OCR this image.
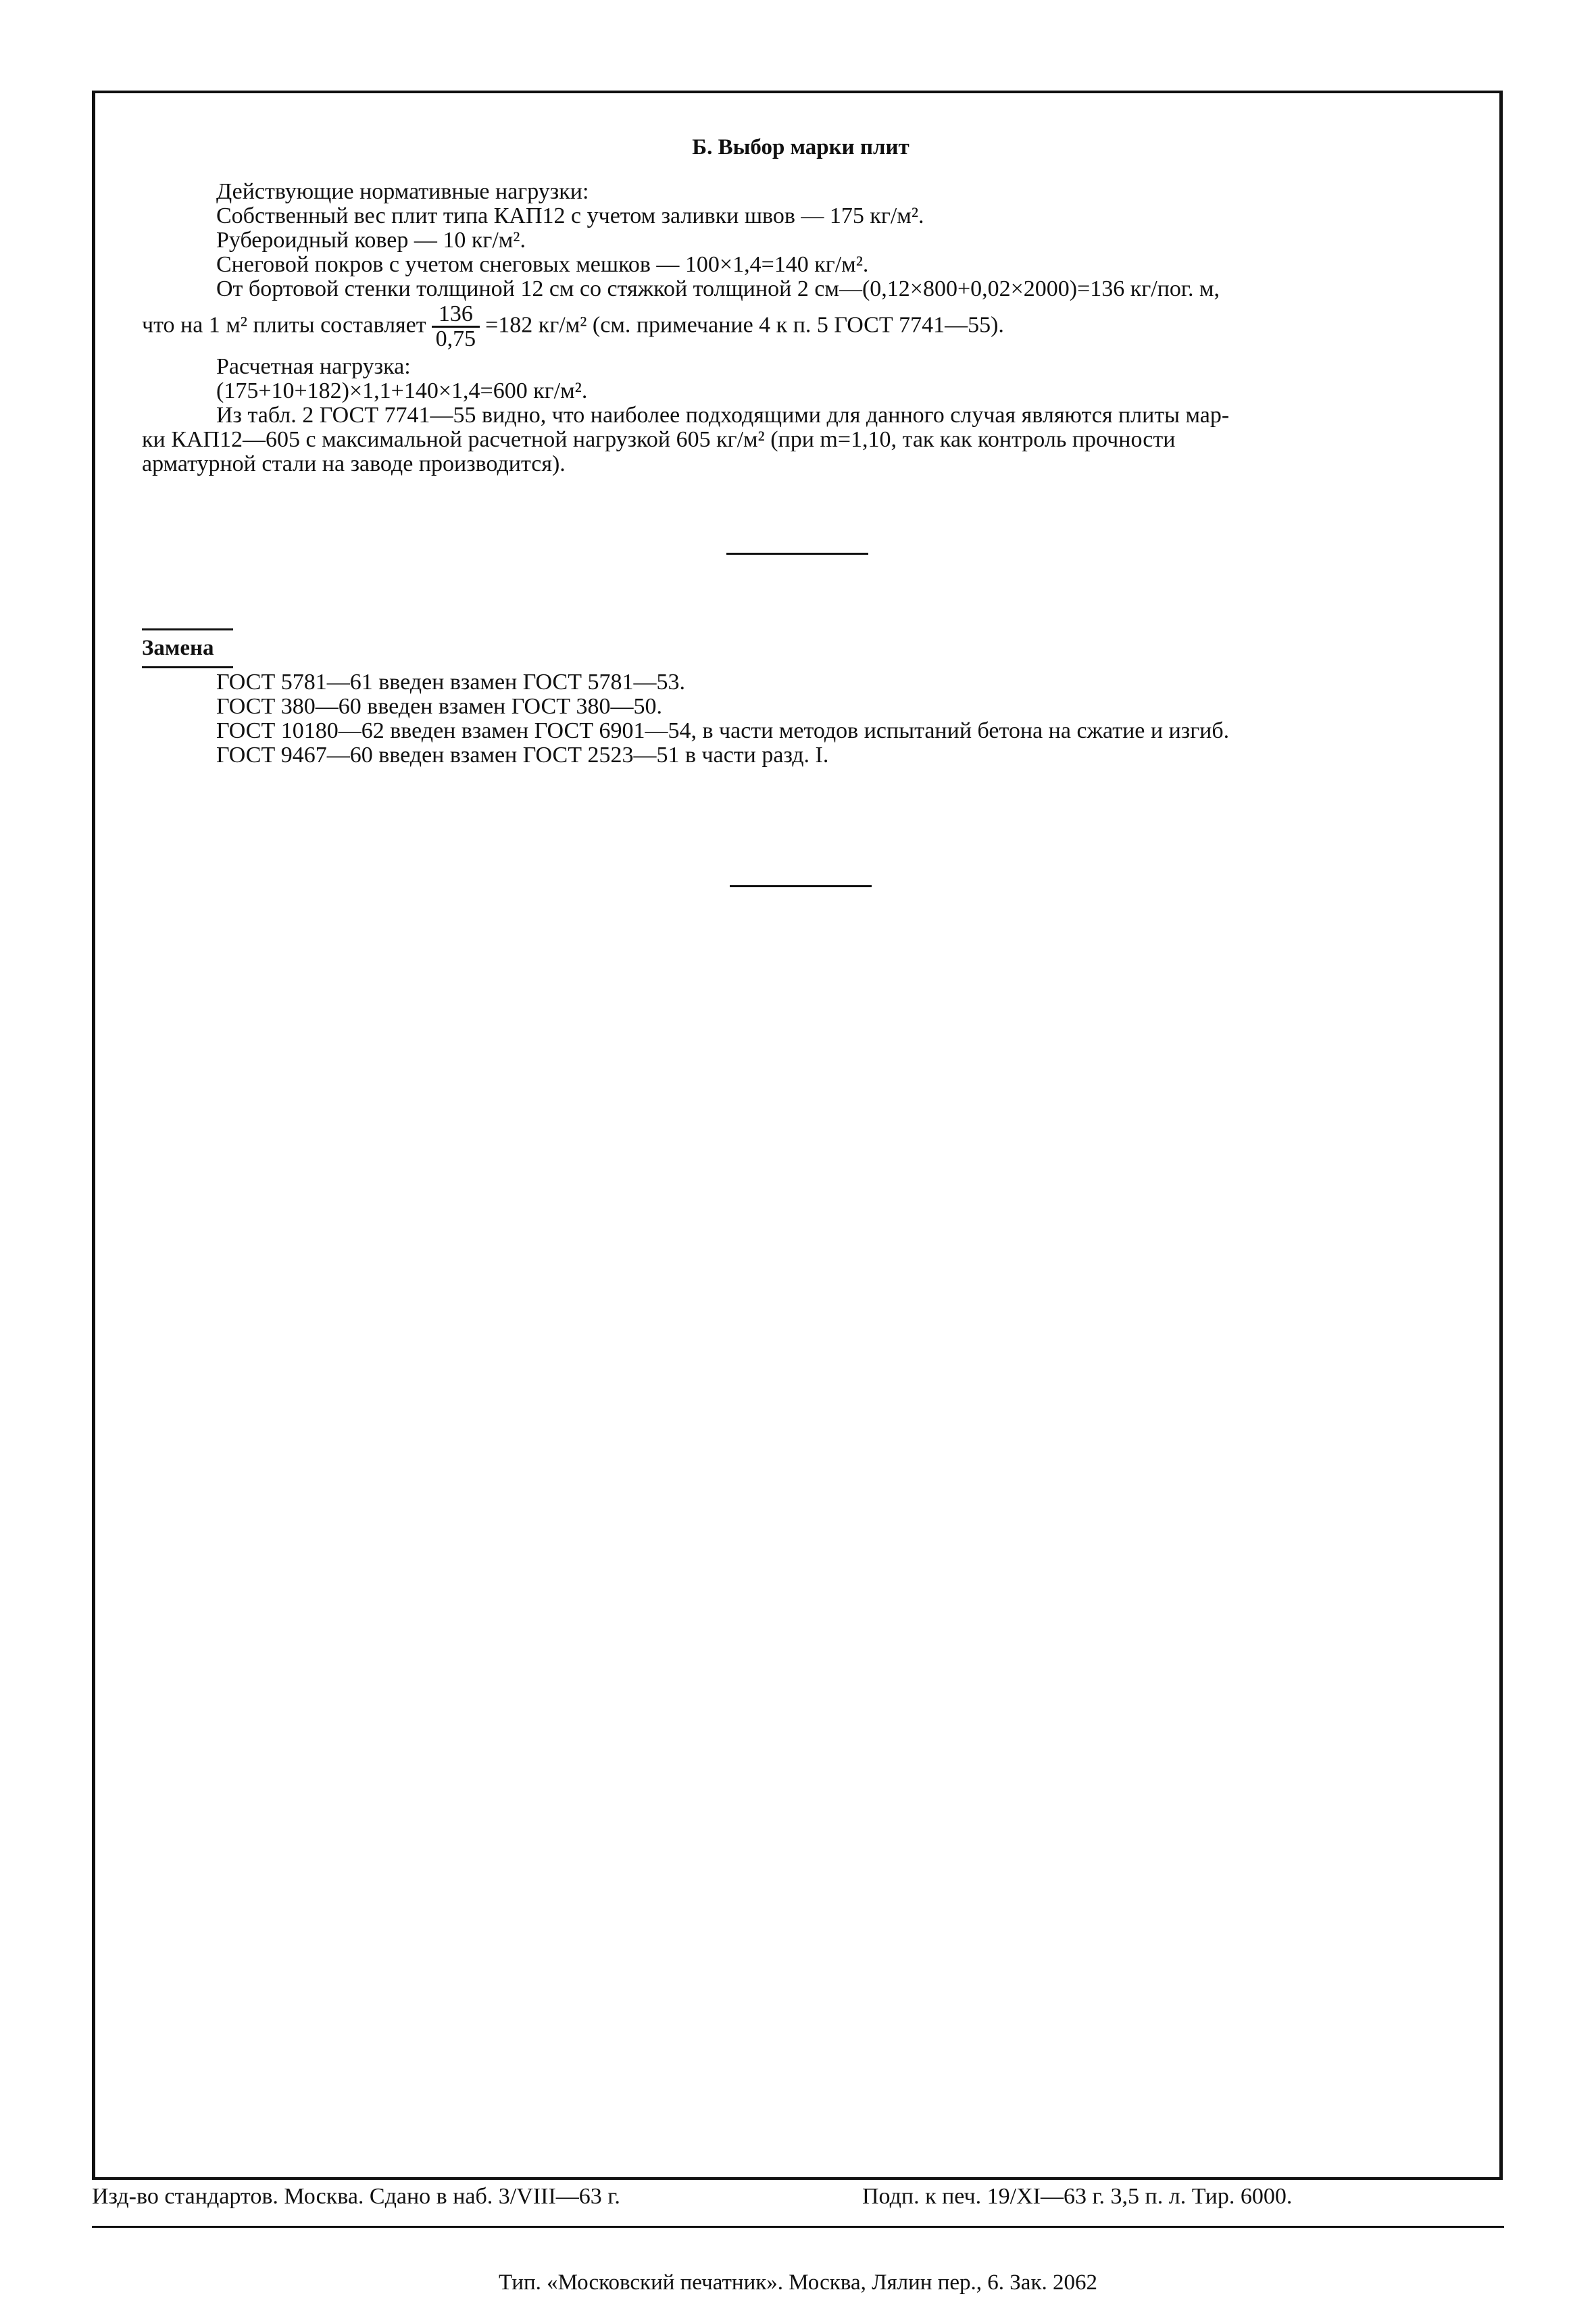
Б. Выбор марки плит
Действующие нормативные нагрузки:
Собственный вес плит типа КАП12 с учетом заливки швов — 175 кг/м².
Рубероидный ковер — 10 кг/м².
Снеговой покров с учетом снеговых мешков — 100×1,4=140 кг/м².
От бортовой стенки толщиной 12 см со стяжкой толщиной 2 см—(0,12×800+0,02×2000)=136 кг/пог. м,
что на 1 м² плиты составляет $\frac{136}{0,75} =182$ кг/м² (см. примечание 4 к п. 5 ГОСТ 7741—55).
Расчетная нагрузка:
(175+10+182)×1,1+140×1,4=600 кг/м².
Из табл. 2 ГОСТ 7741—55 видно, что наиболее подходящими для данного случая являются плиты мар-
ки КАП12—605 с максимальной расчетной нагрузкой 605 кг/м² (при m=1,10, так как контроль прочности
арматурной стали на заводе производится).
Замена
ГОСТ 5781—61 введен взамен ГОСТ 5781—53.
ГОСТ 380—60 введен взамен ГОСТ 380—50.
ГОСТ 10180—62 введен взамен ГОСТ 6901—54, в части методов испытаний бетона на сжатие и изгиб.
ГОСТ 9467—60 введен взамен ГОСТ 2523—51 в части разд. I.
Изд-во стандартов. Москва. Сдано в наб. 3/VIII—63 г.	Подп. к печ. 19/XI—63 г. 3,5 п. л. Тир. 6000.
Тип. «Московский печатник». Москва, Лялин пер., 6. Зак. 2062
